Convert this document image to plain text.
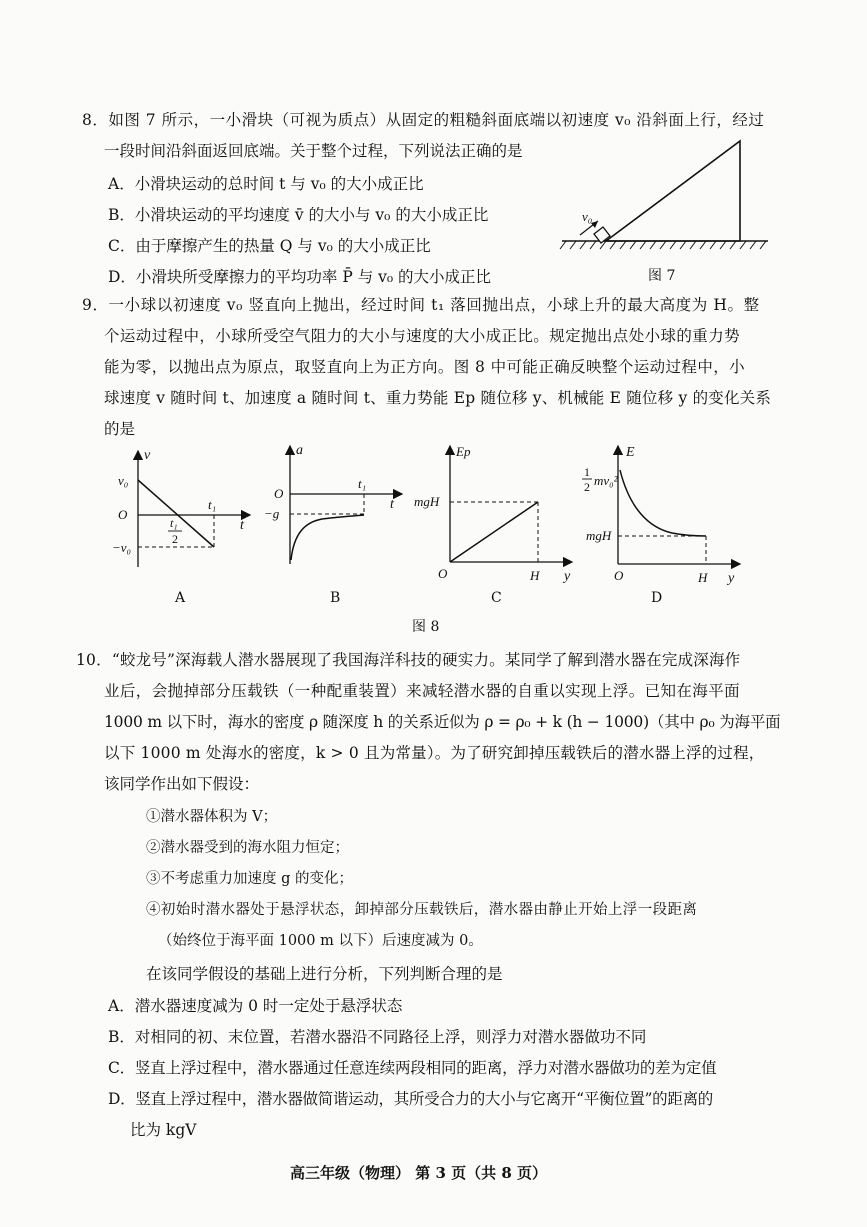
8．如图 7 所示，一小滑块（可视为质点）从固定的粗糙斜面底端以初速度 v₀ 沿斜面上行，经过
一段时间沿斜面返回底端。关于整个过程，下列说法正确的是
A．小滑块运动的总时间 t 与 v₀ 的大小成正比
B．小滑块运动的平均速度 v̄ 的大小与 v₀ 的大小成正比
C．由于摩擦产生的热量 Q 与 v₀ 的大小成正比
D．小滑块所受摩擦力的平均功率 P̄ 与 v₀ 的大小成正比
v₀
图 7
9．一小球以初速度 v₀ 竖直向上抛出，经过时间 t₁ 落回抛出点，小球上升的最大高度为 H。整
个运动过程中，小球所受空气阻力的大小与速度的大小成正比。规定抛出点处小球的重力势
能为零，以抛出点为原点，取竖直向上为正方向。图 8 中可能正确反映整个运动过程中，小
球速度 v 随时间 t、加速度 a 随时间 t、重力势能 Ep 随位移 y、机械能 E 随位移 y 的变化关系
的是
v
v₀
O
−v₀
t₁
t
t₁
2
A
a
O
−g
t₁
t
B
Ep
mgH
O	H y
C
E
1
2 mv₀²
mgH
O	H y
D
图 8
10．“蛟龙号”深海载人潜水器展现了我国海洋科技的硬实力。某同学了解到潜水器在完成深海作
业后，会抛掉部分压载铁（一种配重装置）来减轻潜水器的自重以实现上浮。已知在海平面
1000 m 以下时，海水的密度 ρ 随深度 h 的关系近似为 ρ = ρ₀ + k (h − 1000)（其中 ρ₀ 为海平面
以下 1000 m 处海水的密度，k > 0 且为常量）。为了研究卸掉压载铁后的潜水器上浮的过程，
该同学作出如下假设：
①潜水器体积为 V；
②潜水器受到的海水阻力恒定；
③不考虑重力加速度 g 的变化；
④初始时潜水器处于悬浮状态，卸掉部分压载铁后，潜水器由静止开始上浮一段距离
（始终位于海平面 1000 m 以下）后速度减为 0。
在该同学假设的基础上进行分析，下列判断合理的是
A．潜水器速度减为 0 时一定处于悬浮状态
B．对相同的初、末位置，若潜水器沿不同路径上浮，则浮力对潜水器做功不同
C．竖直上浮过程中，潜水器通过任意连续两段相同的距离，浮力对潜水器做功的差为定值
D．竖直上浮过程中，潜水器做简谐运动，其所受合力的大小与它离开“平衡位置”的距离的
比为 kgV
高三年级（物理） 第 3 页（共 8 页）
